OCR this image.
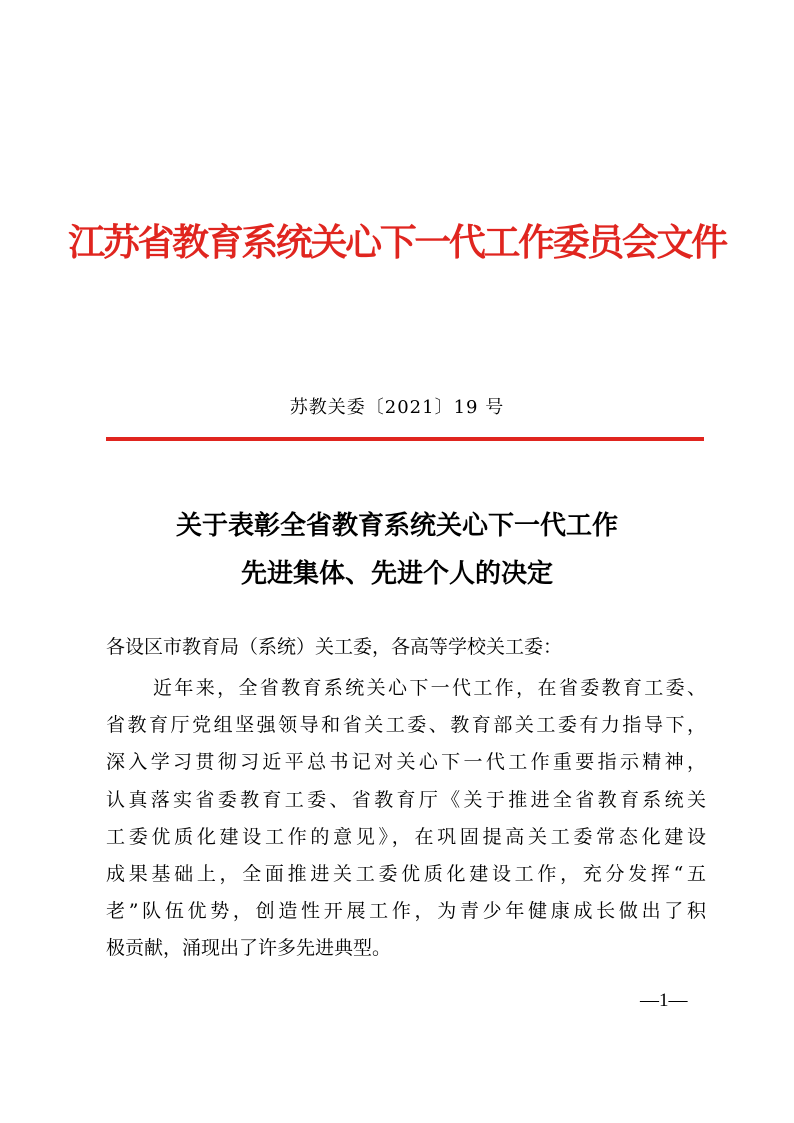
江苏省教育系统关心下一代工作委员会文件
苏教关委〔2021〕19 号
关于表彰全省教育系统关心下一代工作
先进集体、先进个人的决定
各设区市教育局（系统）关工委，各高等学校关工委：
近年来，全省教育系统关心下一代工作，在省委教育工委、
省教育厅党组坚强领导和省关工委、教育部关工委有力指导下，
深入学习贯彻习近平总书记对关心下一代工作重要指示精神，
认真落实省委教育工委、省教育厅《关于推进全省教育系统关
工委优质化建设工作的意见》，在巩固提高关工委常态化建设
成果基础上，全面推进关工委优质化建设工作，充分发挥“五
老”队伍优势，创造性开展工作，为青少年健康成长做出了积
极贡献，涌现出了许多先进典型。
—1—
